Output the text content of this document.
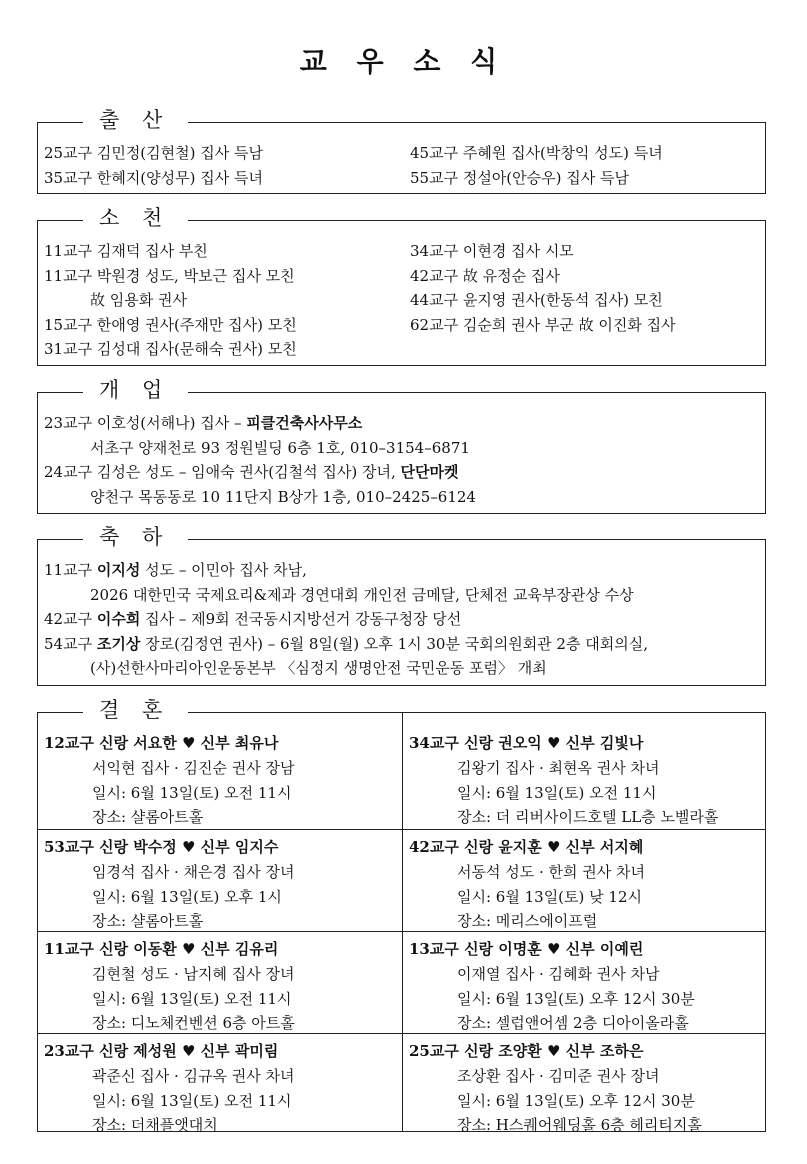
교 우 소 식
출 산
25교구 김민정(김현철) 집사 득남
35교구 한혜지(양성무) 집사 득녀
45교구 주혜원 집사(박창익 성도) 득녀
55교구 정설아(안승우) 집사 득남
소 천
11교구 김재덕 집사 부친
11교구 박원경 성도, 박보근 집사 모친
故 임용화 권사
15교구 한애영 권사(주재만 집사) 모친
31교구 김성대 집사(문해숙 권사) 모친
34교구 이현경 집사 시모
42교구 故 유정순 집사
44교구 윤지영 권사(한동석 집사) 모친
62교구 김순희 권사 부군 故 이진화 집사
개 업
23교구 이호성(서해나) 집사 – 피클건축사사무소
서초구 양재천로 93 정원빌딩 6층 1호, 010–3154–6871
24교구 김성은 성도 – 임애숙 권사(김철석 집사) 장녀, 단단마켓
양천구 목동동로 10 11단지 B상가 1층, 010–2425–6124
축 하
11교구 이지성 성도 – 이민아 집사 차남,
2026 대한민국 국제요리&제과 경연대회 개인전 금메달, 단체전 교육부장관상 수상
42교구 이수희 집사 – 제9회 전국동시지방선거 강동구청장 당선
54교구 조기상 장로(김정연 권사) – 6월 8일(월) 오후 1시 30분 국회의원회관 2층 대회의실,
(사)선한사마리아인운동본부 〈심정지 생명안전 국민운동 포럼〉 개최
결 혼
12교구 신랑 서요한 ♥ 신부 최유나
서익현 집사 · 김진순 권사 장남
일시: 6월 13일(토) 오전 11시
장소: 샬롬아트홀
34교구 신랑 권오익 ♥ 신부 김빛나
김왕기 집사 · 최현옥 권사 차녀
일시: 6월 13일(토) 오전 11시
장소: 더 리버사이드호텔 LL층 노벨라홀
53교구 신랑 박수정 ♥ 신부 임지수
임경석 집사 · 채은경 집사 장녀
일시: 6월 13일(토) 오후 1시
장소: 샬롬아트홀
42교구 신랑 윤지훈 ♥ 신부 서지혜
서동석 성도 · 한희 권사 차녀
일시: 6월 13일(토) 낮 12시
장소: 메리스에이프럴
11교구 신랑 이동환 ♥ 신부 김유리
김현철 성도 · 남지혜 집사 장녀
일시: 6월 13일(토) 오전 11시
장소: 디노체컨벤션 6층 아트홀
13교구 신랑 이명훈 ♥ 신부 이예린
이재열 집사 · 김혜화 권사 차남
일시: 6월 13일(토) 오후 12시 30분
장소: 셀럽앤어셈 2층 디아이올라홀
23교구 신랑 제성원 ♥ 신부 곽미림
곽준신 집사 · 김규옥 권사 차녀
일시: 6월 13일(토) 오전 11시
장소: 더채플앳대치
25교구 신랑 조양환 ♥ 신부 조하은
조상환 집사 · 김미준 권사 장녀
일시: 6월 13일(토) 오후 12시 30분
장소: H스퀘어웨딩홀 6층 헤리티지홀
